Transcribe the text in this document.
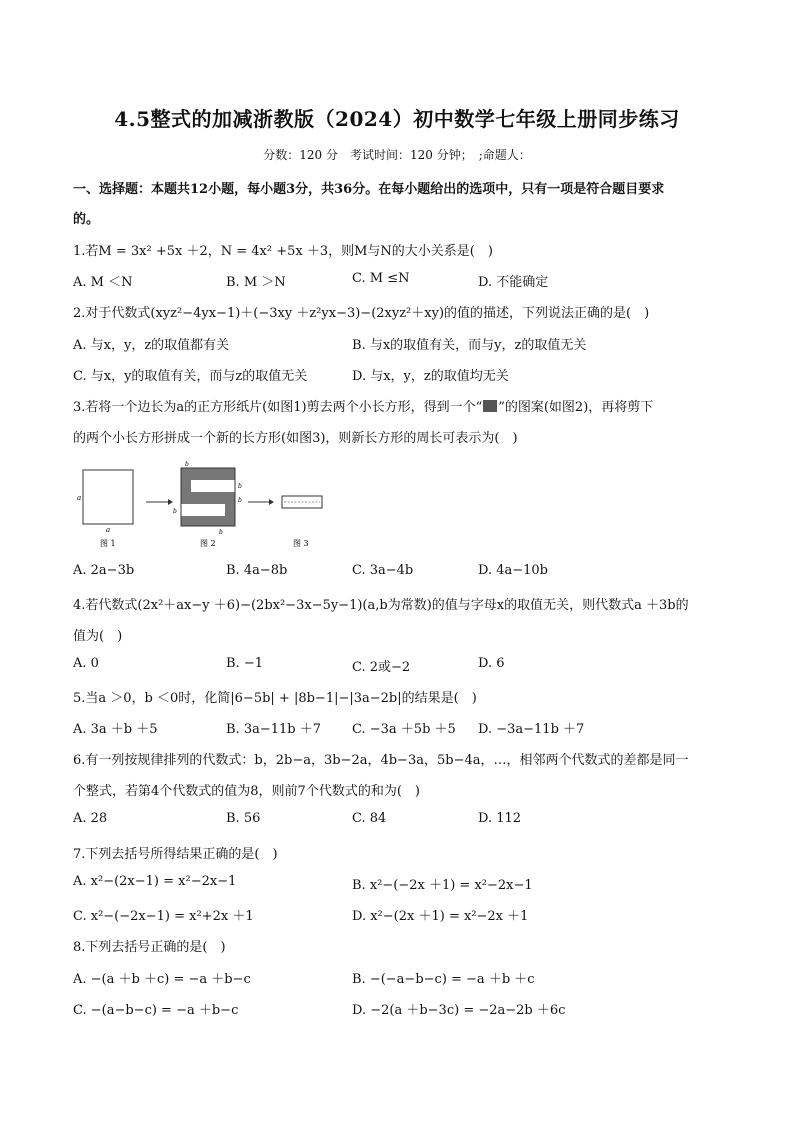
4.5整式的加减浙教版（2024）初中数学七年级上册同步练习
分数：120 分　考试时间：120 分钟；　;命题人：
一、选择题：本题共12小题，每小题3分，共36分。在每小题给出的选项中，只有一项是符合题目要求
的。
1.若M = 3x² +5x ＋2，N = 4x² +5x ＋3，则M与N的大小关系是(　)
A. M ＜N	B. M ＞N	C. M ≤N	D. 不能确定
2.对于代数式(xyz²−4yx−1)＋(−3xy ＋z²yx−3)−(2xyz²＋xy)的值的描述，下列说法正确的是(　)
A. 与x，y，z的取值都有关	B. 与x的取值有关，而与y，z的取值无关
C. 与x，y的取值有关，而与z的取值无关	D. 与x，y，z的取值均无关
3.若将一个边长为a的正方形纸片(如图1)剪去两个小长方形，得到一个“ ”的图案(如图2)，再将剪下
的两个小长方形拼成一个新的长方形(如图3)，则新长方形的周长可表示为(　)
a
a
图 1
b
b
b
b
b
图 2	图 3
A. 2a−3b	B. 4a−8b	C. 3a−4b	D. 4a−10b
4.若代数式(2x²＋ax−y ＋6)−(2bx²−3x−5y−1)(a,b为常数)的值与字母x的取值无关，则代数式a ＋3b的
值为(　)
A. 0	B. −1	C. 2或−2	D. 6
5.当a ＞0，b ＜0时，化简|6−5b| + |8b−1|−|3a−2b|的结果是(　)
A. 3a ＋b ＋5	B. 3a−11b ＋7 C. −3a ＋5b ＋5 D. −3a−11b ＋7
6.有一列按规律排列的代数式：b，2b−a，3b−2a，4b−3a，5b−4a，…，相邻两个代数式的差都是同一
个整式，若第4个代数式的值为8，则前7个代数式的和为(　)
A. 28	B. 56	C. 84	D. 112
7.下列去括号所得结果正确的是(　)
A. x²−(2x−1) = x²−2x−1	B. x²−(−2x ＋1) = x²−2x−1
C. x²−(−2x−1) = x²+2x ＋1	D. x²−(2x ＋1) = x²−2x ＋1
8.下列去括号正确的是(　)
A. −(a ＋b ＋c) = −a ＋b−c	B. −(−a−b−c) = −a ＋b ＋c
C. −(a−b−c) = −a ＋b−c	D. −2(a ＋b−3c) = −2a−2b ＋6c
